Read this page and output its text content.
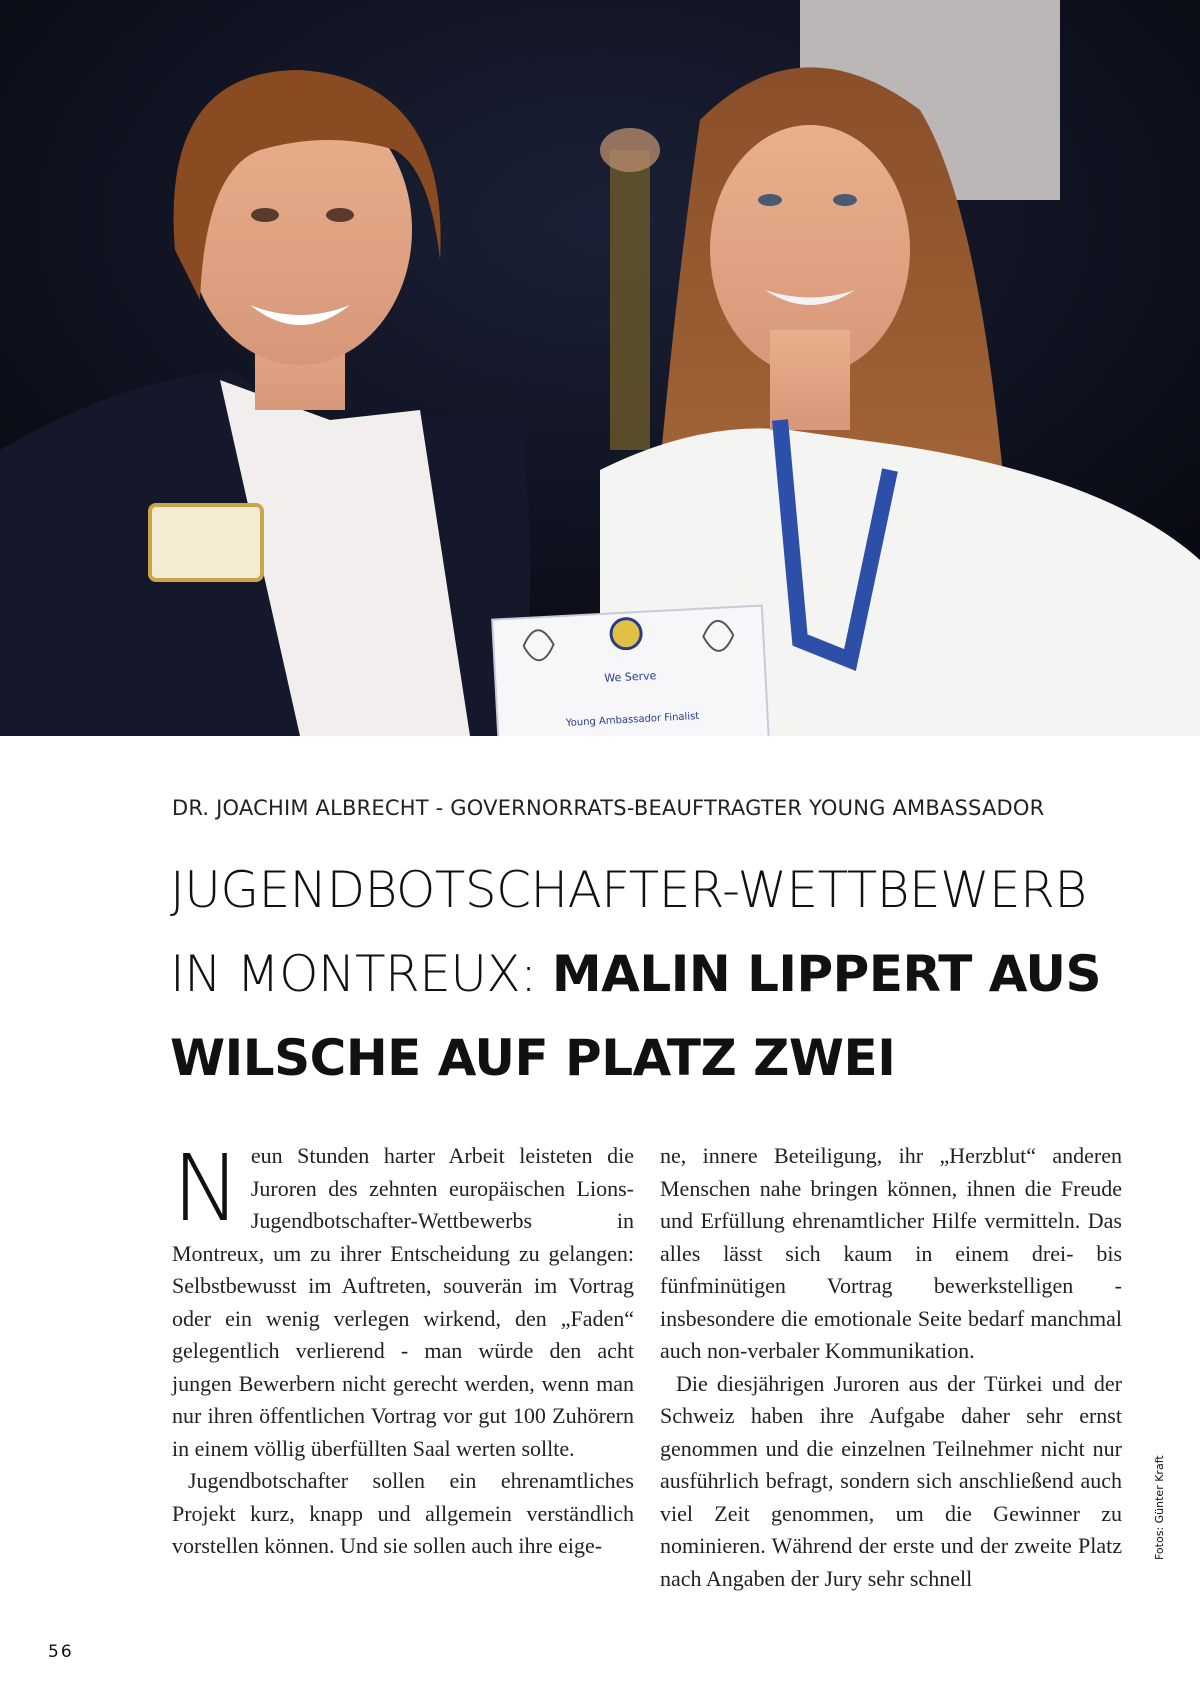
We Serve
Young Ambassador Finalist
DR. JOACHIM ALBRECHT - GOVERNORRATS-BEAUFTRAGTER YOUNG AMBASSADOR
JUGENDBOTSCHAFTER-WETTBEWERB
IN MONTREUX: MALIN LIPPERT AUS
WILSCHE AUF PLATZ ZWEI

Neun Stunden harter Arbeit leisteten die Juroren des zehnten europäischen Lions-Jugendbotschafter-Wettbewerbs in Montreux, um zu ihrer Entscheidung zu gelangen: Selbstbewusst im Auftreten, souverän im Vortrag oder ein wenig verlegen wirkend, den „Faden“ gelegentlich verlierend - man würde den acht jungen Bewerbern nicht gerecht werden, wenn man nur ihren öffentlichen Vortrag vor gut 100 Zuhörern in einem völlig überfüllten Saal werten sollte.

Jugendbotschafter sollen ein ehrenamtliches Projekt kurz, knapp und allgemein verständlich vorstellen können. Und sie sollen auch ihre eige-

ne, innere Beteiligung, ihr „Herzblut“ anderen Menschen nahe bringen können, ihnen die Freude und Erfüllung ehrenamtlicher Hilfe vermitteln. Das alles lässt sich kaum in einem drei- bis fünfminütigen Vortrag bewerkstelligen - insbesondere die emotionale Seite bedarf manchmal auch non-verbaler Kommunikation.

Die diesjährigen Juroren aus der Türkei und der Schweiz haben ihre Aufgabe daher sehr ernst genommen und die einzelnen Teilnehmer nicht nur ausführlich befragt, sondern sich anschließend auch viel Zeit genommen, um die Gewinner zu nominieren. Während der erste und der zweite Platz nach Angaben der Jury sehr schnell

Fotos: Günter Kraft
56
